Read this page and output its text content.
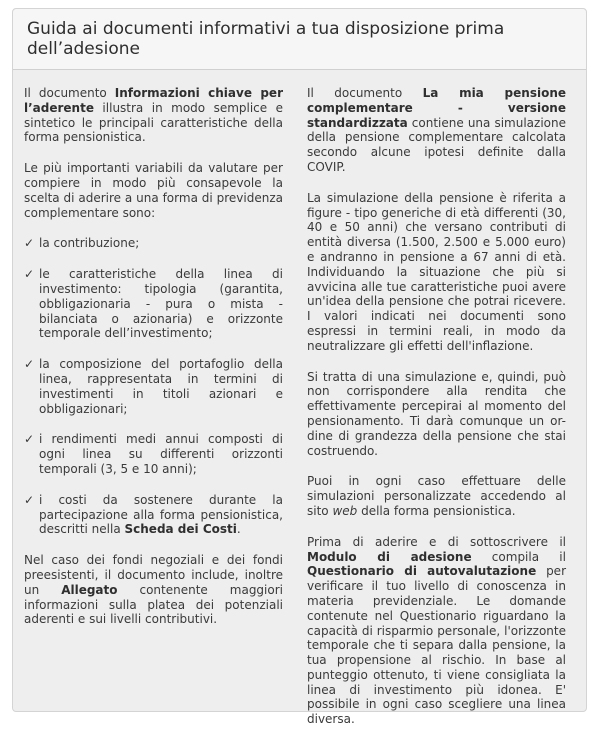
Guida ai documenti informativi a tua disposizione prima dell’adesione

Il documento Informazioni chiave per l’aderente illustra in modo semplice e sintetico le principali caratteristiche della forma pensionistica.

Le più importanti variabili da valutare per compiere in modo più consapevole la scelta di aderire a una forma di previdenza complementare sono:

✓ la contribuzione;
✓ le caratteristiche della linea di investimento: tipologia (garantita, obbligazionaria - pura o mista - bilanciata o azionaria) e orizzonte temporale dell’investimento;
✓ la composizione del portafoglio della linea, rappresentata in termini di investimenti in titoli azionari e obbligazionari;
✓ i rendimenti medi annui composti di ogni linea su differenti orizzonti temporali (3, 5 e 10 anni);
✓ i costi da sostenere durante la partecipazione alla forma pensionistica, descritti nella Scheda dei Costi.

Nel caso dei fondi negoziali e dei fondi preesistenti, il documento include, inoltre un Allegato contenente maggiori informazioni sulla platea dei potenziali aderenti e sui livelli contributivi.

Il documento La mia pensione complementare - versione standardizzata contiene una simulazione della pensione complementare calcolata secondo alcune ipotesi definite dalla COVIP.

La simulazione della pensione è riferita a figure - tipo generiche di età differenti (30, 40 e 50 anni) che versano contributi di entità diversa (1.500, 2.500 e 5.000 euro) e andranno in pensione a 67 anni di età. Individuando la situazione che più si avvicina alle tue caratteristiche puoi avere un'idea della pensione che potrai ricevere. I valori indicati nei documenti sono espressi in termini reali, in modo da neutralizzare gli effetti dell'inflazione.

Si tratta di una simulazione e, quindi, può non corrispondere alla rendita che effettivamente percepirai al momento del pensionamento. Ti darà comunque un or-dine di grandezza della pensione che stai costruendo.

Puoi in ogni caso effettuare delle simulazioni personalizzate accedendo al sito web della forma pensionistica.

Prima di aderire e di sottoscrivere il Modulo di adesione compila il Questionario di autovalutazione per verificare il tuo livello di conoscenza in materia previdenziale. Le domande contenute nel Questionario riguardano la capacità di risparmio personale, l'orizzonte temporale che ti separa dalla pensione, la tua propensione al rischio. In base al punteggio ottenuto, ti viene consigliata la linea di investimento più idonea. E' possibile in ogni caso scegliere una linea diversa.
